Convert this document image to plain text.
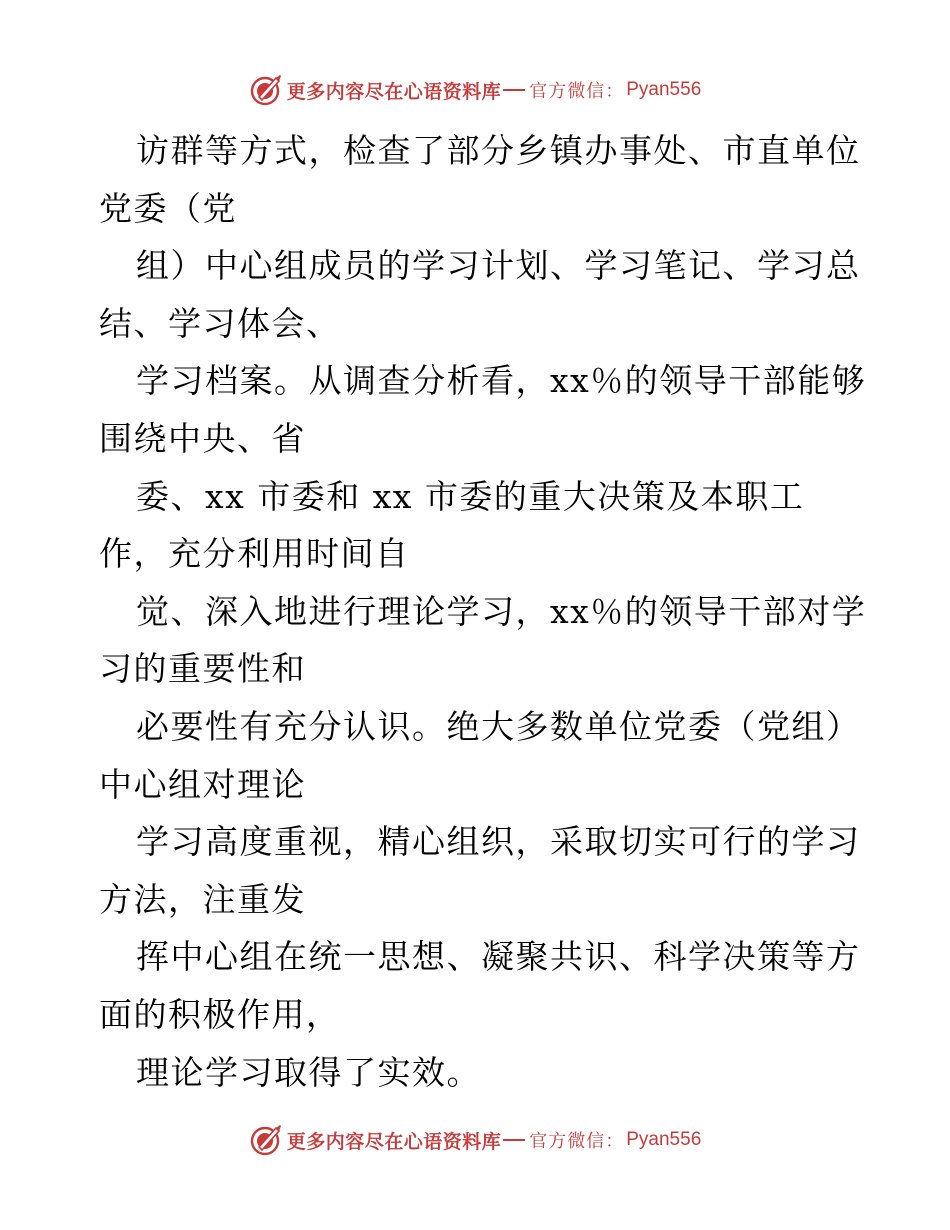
更多内容尽在心语资料库 官方微信： Pyan556
访群等方式，检查了部分乡镇办事处、市直单位
党委（党
组）中心组成员的学习计划、学习笔记、学习总
结、学习体会、
学习档案。从调查分析看，xx％的领导干部能够
围绕中央、省
委、xx 市委和 xx 市委的重大决策及本职工
作，充分利用时间自
觉、深入地进行理论学习，xx％的领导干部对学
习的重要性和
必要性有充分认识。绝大多数单位党委（党组）
中心组对理论
学习高度重视，精心组织，采取切实可行的学习
方法，注重发
挥中心组在统一思想、凝聚共识、科学决策等方
面的积极作用，
理论学习取得了实效。
更多内容尽在心语资料库 官方微信： Pyan556
